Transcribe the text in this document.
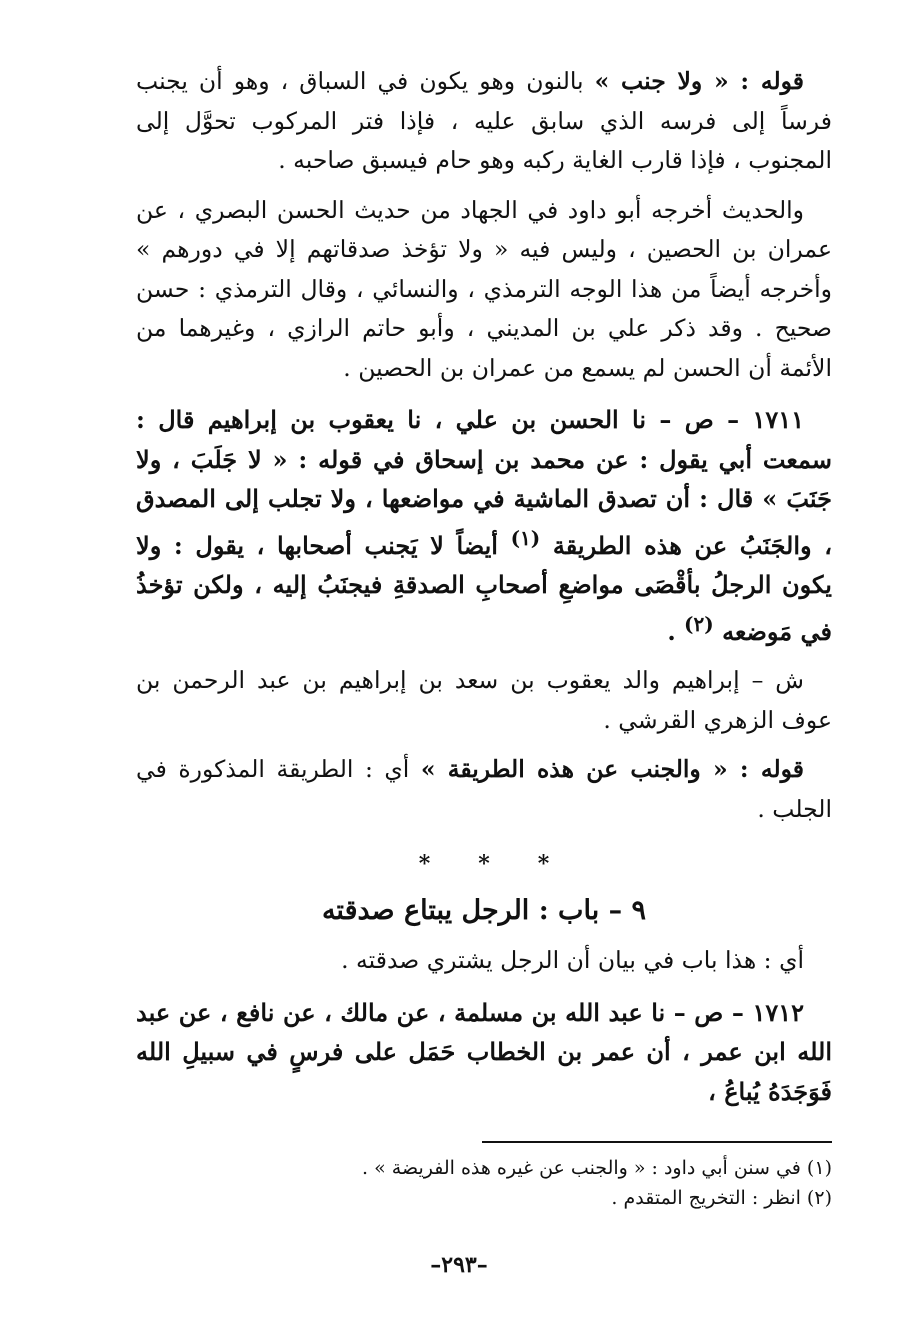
قوله : « ولا جنب » بالنون وهو يكون في السباق ، وهو أن يجنب فرساً إلى فرسه الذي سابق عليه ، فإذا فتر المركوب تحوَّل إلى المجنوب ، فإذا قارب الغاية ركبه وهو حام فيسبق صاحبه .

والحديث أخرجه أبو داود في الجهاد من حديث الحسن البصري ، عن عمران بن الحصين ، وليس فيه « ولا تؤخذ صدقاتهم إلا في دورهم » وأخرجه أيضاً من هذا الوجه الترمذي ، والنسائي ، وقال الترمذي : حسن صحيح . وقد ذكر علي بن المديني ، وأبو حاتم الرازي ، وغيرهما من الأئمة أن الحسن لم يسمع من عمران بن الحصين .

١٧١١ – ص – نا الحسن بن علي ، نا يعقوب بن إبراهيم قال : سمعت أبي يقول : عن محمد بن إسحاق في قوله : « لا جَلَبَ ، ولا جَنَبَ » قال : أن تصدق الماشية في مواضعها ، ولا تجلب إلى المصدق ، والجَنَبُ عن هذه الطريقة $^{(١)}$ أيضاً لا يَجنب أصحابها ، يقول : ولا يكون الرجلُ بأقْصَى مواضعِ أصحابِ الصدقةِ فيجنَبُ إليه ، ولكن تؤخذُ في مَوضعه $^{(٢)}$ .

ش – إبراهيم والد يعقوب بن سعد بن إبراهيم بن عبد الرحمن بن عوف الزهري القرشي .

قوله : « والجنب عن هذه الطريقة » أي : الطريقة المذكورة في الجلب .

* * *
٩ – باب : الرجل يبتاع صدقته

أي : هذا باب في بيان أن الرجل يشتري صدقته .

١٧١٢ – ص – نا عبد الله بن مسلمة ، عن مالك ، عن نافع ، عن عبد الله ابن عمر ، أن عمر بن الخطاب حَمَل على فرسٍ في سبيلِ الله فَوَجَدَهُ يُباعُ ،

(١) في سنن أبي داود : « والجنب عن غيره هذه الفريضة » .
(٢) انظر : التخريج المتقدم .
–٢٩٣–
